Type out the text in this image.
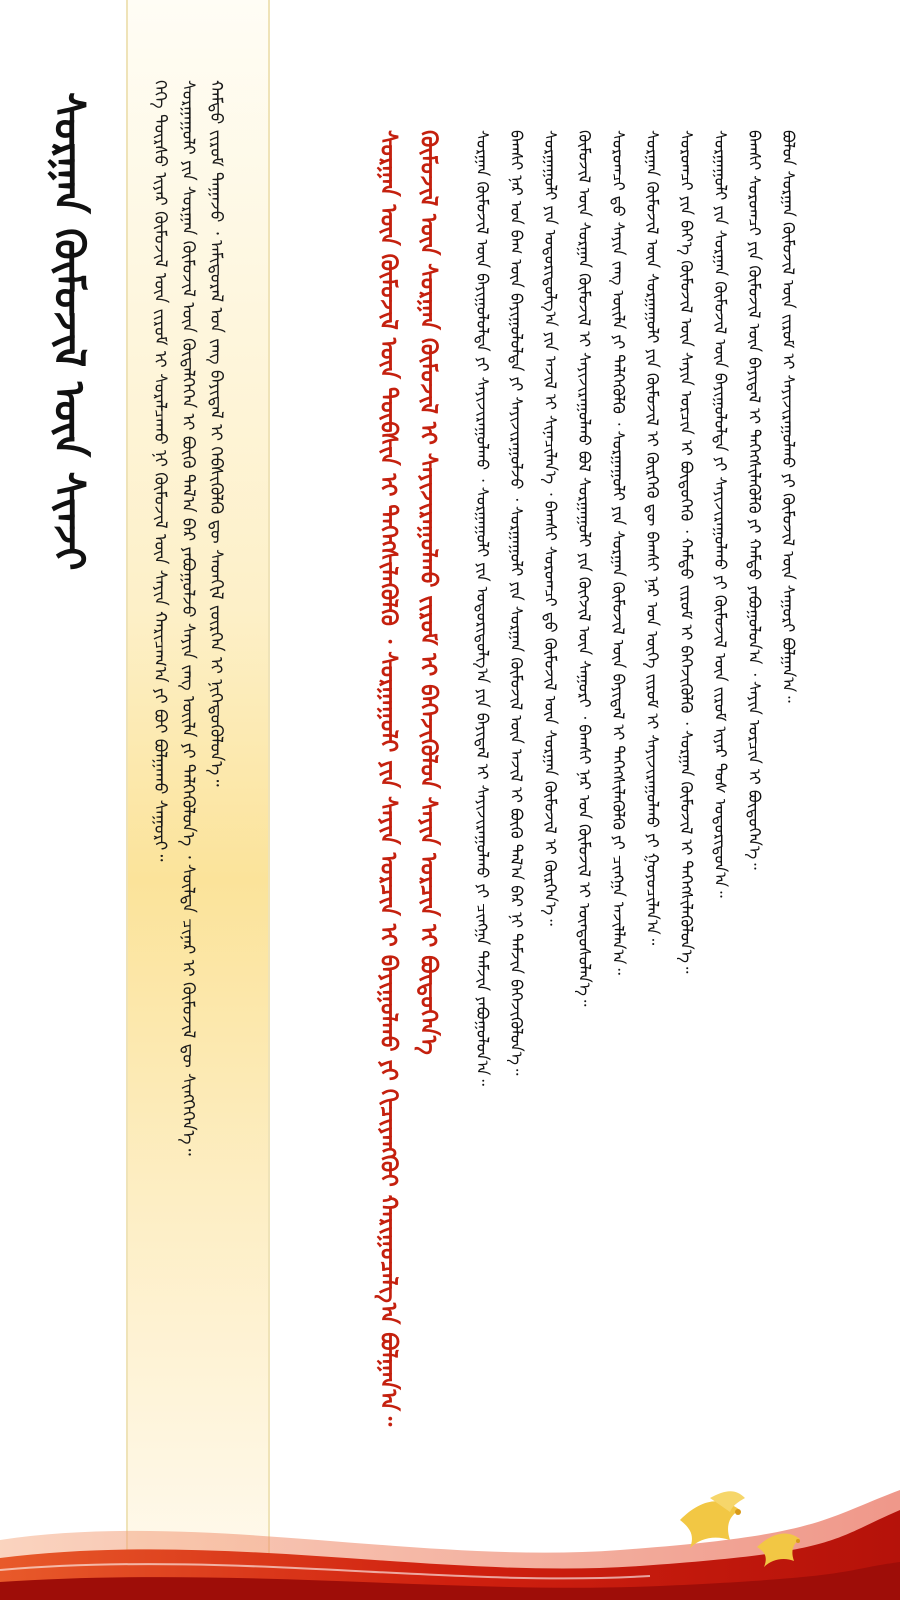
ᠰᠤᠷᠭᠠᠨ ᠬᠦᠮᠦᠵᠢᠯ ᠦᠨ ᠰᠢᠨᠵᠢ	ᠬᠡᠬᠡ ᠳᠦᠷᠰᠦ ᠢᠶᠡᠷ ᠬᠦᠮᠦᠵᠢᠯ ᠦᠨ ᠵᠢᠷᠤᠮ ᠢ ᠰᠤᠷᠠᠯᠴᠠᠬᠤ ᠨᠢ ᠬᠦᠮᠦᠵᠢᠯ ᠦᠨ ᠰᠠᠶᠢᠨ ᠬᠠᠷᠢᠴᠠᠭ᠎ᠠ ᠶᠢ ᠪᠤᠢ ᠪᠣᠯᠭᠠᠬᠤ ᠰᠠᠭᠤᠷᠢ᠃ ᠰᠤᠷᠭᠠᠭᠤᠯᠢ ᠶᠢᠨ ᠰᠤᠷᠭᠠᠨ ᠬᠦᠮᠦᠵᠢᠯ ᠦᠨ ᠬᠦᠳᠡᠯᠭᠡᠭᠡᠨ ᠢ ᠪᠦᠬᠦ ᠲᠠᠯ᠎ᠠ ᠪᠠᠷ ᠶᠠᠪᠤᠭᠤᠯᠵᠤ ᠰᠠᠶᠢᠨ ᠵᠠᠩ ᠦᠢᠯᠡ ᠶᠢ ᠲᠡᠯᠬᠡᠭᠦᠯᠦᠨ᠎ᠡ ᠂ ᠰᠦᠯᠳᠡ ᠴᠢᠨᠠᠷ ᠢ ᠬᠦᠮᠦᠵᠢᠯ ᠳᠦ ᠰᠢᠩᠭᠡᠭᠡᠨ᠎ᠡ᠃ ᠬᠠᠮᠲᠤ ᠵᠢᠷᠤᠮ ᠳᠠᠭᠠᠵᠤ ᠂ ᠠᠮᠢᠳᠤᠷᠠᠯ ᠤᠨ ᠵᠠᠩ ᠪᠠᠶᠢᠳᠠᠯ ᠢ ᠬᠡᠪᠰᠢᠭᠦᠯᠬᠦ ᠳᠦ ᠰᠡᠳᠭᠢᠯ ᠵᠦᠷᠬᠡᠨ ᠢ ᠨᠢᠭᠡᠳᠦᠭᠦᠯᠦᠨ᠎ᠡ᠃	ᠰᠤᠷᠭᠠᠨ ᠦᠨ ᠬᠦᠮᠦᠵᠢᠯ ᠦᠨ ᠲᠦᠪᠰᠢᠨ ᠢ ᠳᠡᠭᠡᠭᠰᠢᠯᠡᠭᠦᠯᠬᠦ ᠂ ᠰᠤᠷᠭᠠᠭᠤᠯᠢ ᠶᠢᠨ ᠰᠠᠶᠢᠨ ᠤᠷᠴᠢᠨ ᠢ ᠪᠠᠶᠢᠭᠤᠯᠬᠤ ᠶᠢ ᠬᠢᠴᠢᠶᠡᠩᠭᠦᠢ ᠬᠠᠷᠢᠭᠤᠴᠠᠯᠭ᠎ᠠ ᠪᠣᠯᠭᠠᠨ᠎ᠠ᠃ ᠬᠦᠮᠦᠵᠢᠯ ᠦᠨ ᠰᠤᠷᠭᠠᠨ ᠬᠦᠮᠦᠵᠢᠯ ᠢ ᠰᠠᠶᠢᠵᠢᠷᠠᠭᠤᠯᠬᠤ ᠵᠢᠷᠤᠮ ᠢ ᠪᠡᠬᠡᠵᠢᠭᠦᠯᠦᠨ ᠰᠠᠶᠢᠨ ᠤᠷᠴᠢᠨ ᠢ ᠪᠦᠲᠦᠭᠡᠨ᠎ᠡ	ᠰᠤᠷᠭᠠᠨ ᠬᠦᠮᠦᠵᠢᠯ ᠦᠨ ᠪᠠᠶᠢᠭᠤᠯᠤᠯᠲᠠ ᠶᠢ ᠰᠠᠶᠢᠵᠢᠷᠠᠭᠤᠯᠬᠤ ᠂ ᠰᠤᠷᠭᠠᠭᠤᠯᠢ ᠶᠢᠨ ᠤᠳᠤᠷᠢᠳᠤᠯᠭ᠎ᠠ ᠶᠢᠨ ᠪᠠᠶᠢᠳᠠᠯ ᠢ ᠰᠠᠶᠢᠵᠢᠷᠠᠭᠤᠯᠬᠤ ᠶᠢ ᠴᠢᠩᠭᠠ ᠳᠡᠮᠵᠢᠨ ᠶᠠᠪᠤᠭᠤᠯᠤᠨ᠎ᠠ᠃ ᠪᠠᠭᠰᠢ ᠨᠠᠷ ᠤᠨ ᠪᠠᠭ ᠦᠨ ᠪᠠᠶᠢᠭᠤᠯᠤᠯᠲᠠ ᠶᠢ ᠰᠠᠶᠢᠵᠢᠷᠠᠭᠤᠯᠵᠤ ᠂ ᠰᠤᠷᠭᠠᠭᠤᠯᠢ ᠶᠢᠨ ᠰᠤᠷᠭᠠᠨ ᠬᠦᠮᠦᠵᠢᠯ ᠦᠨ ᠠᠵᠢᠯ ᠢ ᠪᠦᠬᠦ ᠲᠠᠯ᠎ᠠ ᠪᠠᠷ ᠨᠢ ᠳᠡᠮᠵᠢᠨ ᠪᠡᠬᠡᠵᠢᠭᠦᠯᠦᠨ᠎ᠡ᠃ ᠰᠤᠷᠭᠠᠭᠤᠯᠢ ᠶᠢᠨ ᠤᠳᠤᠷᠢᠳᠤᠯᠭ᠎ᠠ ᠶᠢᠨ ᠠᠵᠢᠯ ᠢ ᠰᠢᠨᠡᠴᠢᠯᠡᠨ᠎ᠡ ᠂ ᠪᠠᠭᠰᠢ ᠰᠤᠷᠤᠭᠴᠢ ᠳ᠋ᠤ ᠬᠦᠮᠦᠵᠢᠯ ᠦᠨ ᠰᠤᠷᠭᠠᠨ ᠬᠦᠮᠦᠵᠢᠯ ᠢ ᠬᠦᠷᠭᠡᠨ᠎ᠡ᠃ ᠬᠦᠮᠦᠵᠢᠯ ᠦᠨ ᠰᠤᠷᠭᠠᠨ ᠬᠦᠮᠦᠵᠢᠯ ᠢ ᠰᠠᠶᠢᠵᠢᠷᠠᠭᠤᠯᠬᠤ ᠪᠣᠯ ᠰᠤᠷᠭᠠᠭᠤᠯᠢ ᠶᠢᠨ ᠬᠦᠭᠵᠢᠯ ᠦᠨ ᠰᠠᠭᠤᠷᠢ ᠂ ᠪᠠᠭᠰᠢ ᠨᠠᠷ ᠤᠨ ᠬᠦᠮᠦᠵᠢᠯ ᠢ ᠦᠨᠳᠦᠰᠦᠯᠡᠨ᠎ᠡ᠃ ᠰᠤᠷᠤᠭᠴᠢ ᠳ᠋ᠤ ᠰᠠᠶᠢᠨ ᠵᠠᠩ ᠦᠢᠯᠡ ᠶᠢ ᠲᠡᠯᠬᠡᠭᠦᠯᠬᠦ ᠂ ᠰᠤᠷᠭᠠᠭᠤᠯᠢ ᠶᠢᠨ ᠰᠤᠷᠭᠠᠨ ᠬᠦᠮᠦᠵᠢᠯ ᠦᠨ ᠪᠠᠶᠢᠳᠠᠯ ᠢ ᠳᠡᠭᠡᠭᠰᠢᠯᠡᠭᠦᠯᠬᠦ ᠶᠢ ᠴᠢᠩᠭᠠ ᠠᠵᠢᠯᠯᠠᠨ᠎ᠠ᠃ ᠰᠤᠷᠭᠠᠨ ᠬᠦᠮᠦᠵᠢᠯ ᠦᠨ ᠰᠤᠷᠭᠠᠭᠤᠯᠢ ᠶᠢᠨ ᠬᠦᠮᠦᠵᠢᠯ ᠢ ᠬᠦᠷᠭᠡᠬᠦ ᠳᠦ ᠪᠠᠭᠰᠢ ᠨᠠᠷ ᠤᠨ ᠦᠭᠡ ᠵᠢᠷᠤᠮ ᠢ ᠰᠠᠶᠢᠵᠢᠷᠠᠭᠤᠯᠬᠤ ᠶᠢ ᠭᠤᠶᠤᠴᠢᠯᠠᠨ᠎ᠠ᠃ ᠰᠤᠷᠤᠭᠴᠢ ᠶᠢᠨ ᠪᠡᠶ᠎ᠡ ᠬᠦᠮᠦᠵᠢᠯ ᠦᠨ ᠰᠠᠶᠢᠨ ᠤᠷᠴᠢᠨ ᠢ ᠪᠦᠲᠦᠭᠡᠬᠦ ᠂ ᠬᠠᠮᠲᠤ ᠵᠢᠷᠤᠮ ᠢ ᠪᠡᠬᠡᠵᠢᠭᠦᠯᠬᠦ ᠂ ᠰᠤᠷᠭᠠᠨ ᠬᠦᠮᠦᠵᠢᠯ ᠢ ᠳᠡᠭᠡᠭᠰᠢᠯᠡᠭᠦᠯᠦᠨ᠎ᠡ᠃ ᠰᠤᠷᠭᠠᠭᠤᠯᠢ ᠶᠢᠨ ᠰᠤᠷᠭᠠᠨ ᠬᠦᠮᠦᠵᠢᠯ ᠦᠨ ᠪᠠᠶᠢᠭᠤᠯᠤᠯᠲᠠ ᠶᠢ ᠰᠠᠶᠢᠵᠢᠷᠠᠭᠤᠯᠬᠤ ᠶᠢ ᠬᠦᠮᠦᠵᠢᠯ ᠦᠨ ᠵᠢᠷᠤᠮ ᠢᠶᠡᠷ ᠲᠤᠰ ᠤᠳᠤᠷᠢᠳᠤᠨ᠎ᠠ᠃ ᠪᠠᠭᠰᠢ ᠰᠤᠷᠤᠭᠴᠢ ᠶᠢᠨ ᠬᠦᠮᠦᠵᠢᠯ ᠦᠨ ᠪᠠᠶᠢᠳᠠᠯ ᠢ ᠳᠡᠭᠡᠭᠰᠢᠯᠡᠭᠦᠯᠬᠦ ᠶᠢ ᠬᠠᠮᠲᠤ ᠶᠠᠪᠤᠭᠤᠯᠤᠨ᠎ᠠ ᠂ ᠰᠠᠶᠢᠨ ᠤᠷᠴᠢᠨ ᠢ ᠪᠦᠲᠦᠭᠡᠨ᠎ᠡ᠃ ᠪᠣᠯᠤᠨ ᠰᠤᠷᠭᠠᠨ ᠬᠦᠮᠦᠵᠢᠯ ᠦᠨ ᠵᠢᠷᠤᠮ ᠢ ᠰᠠᠶᠢᠵᠢᠷᠠᠭᠤᠯᠬᠤ ᠶᠢ ᠬᠦᠮᠦᠵᠢᠯ ᠦᠨ ᠰᠠᠭᠤᠷᠢ ᠪᠣᠯᠭᠠᠨ᠎ᠠ᠃
